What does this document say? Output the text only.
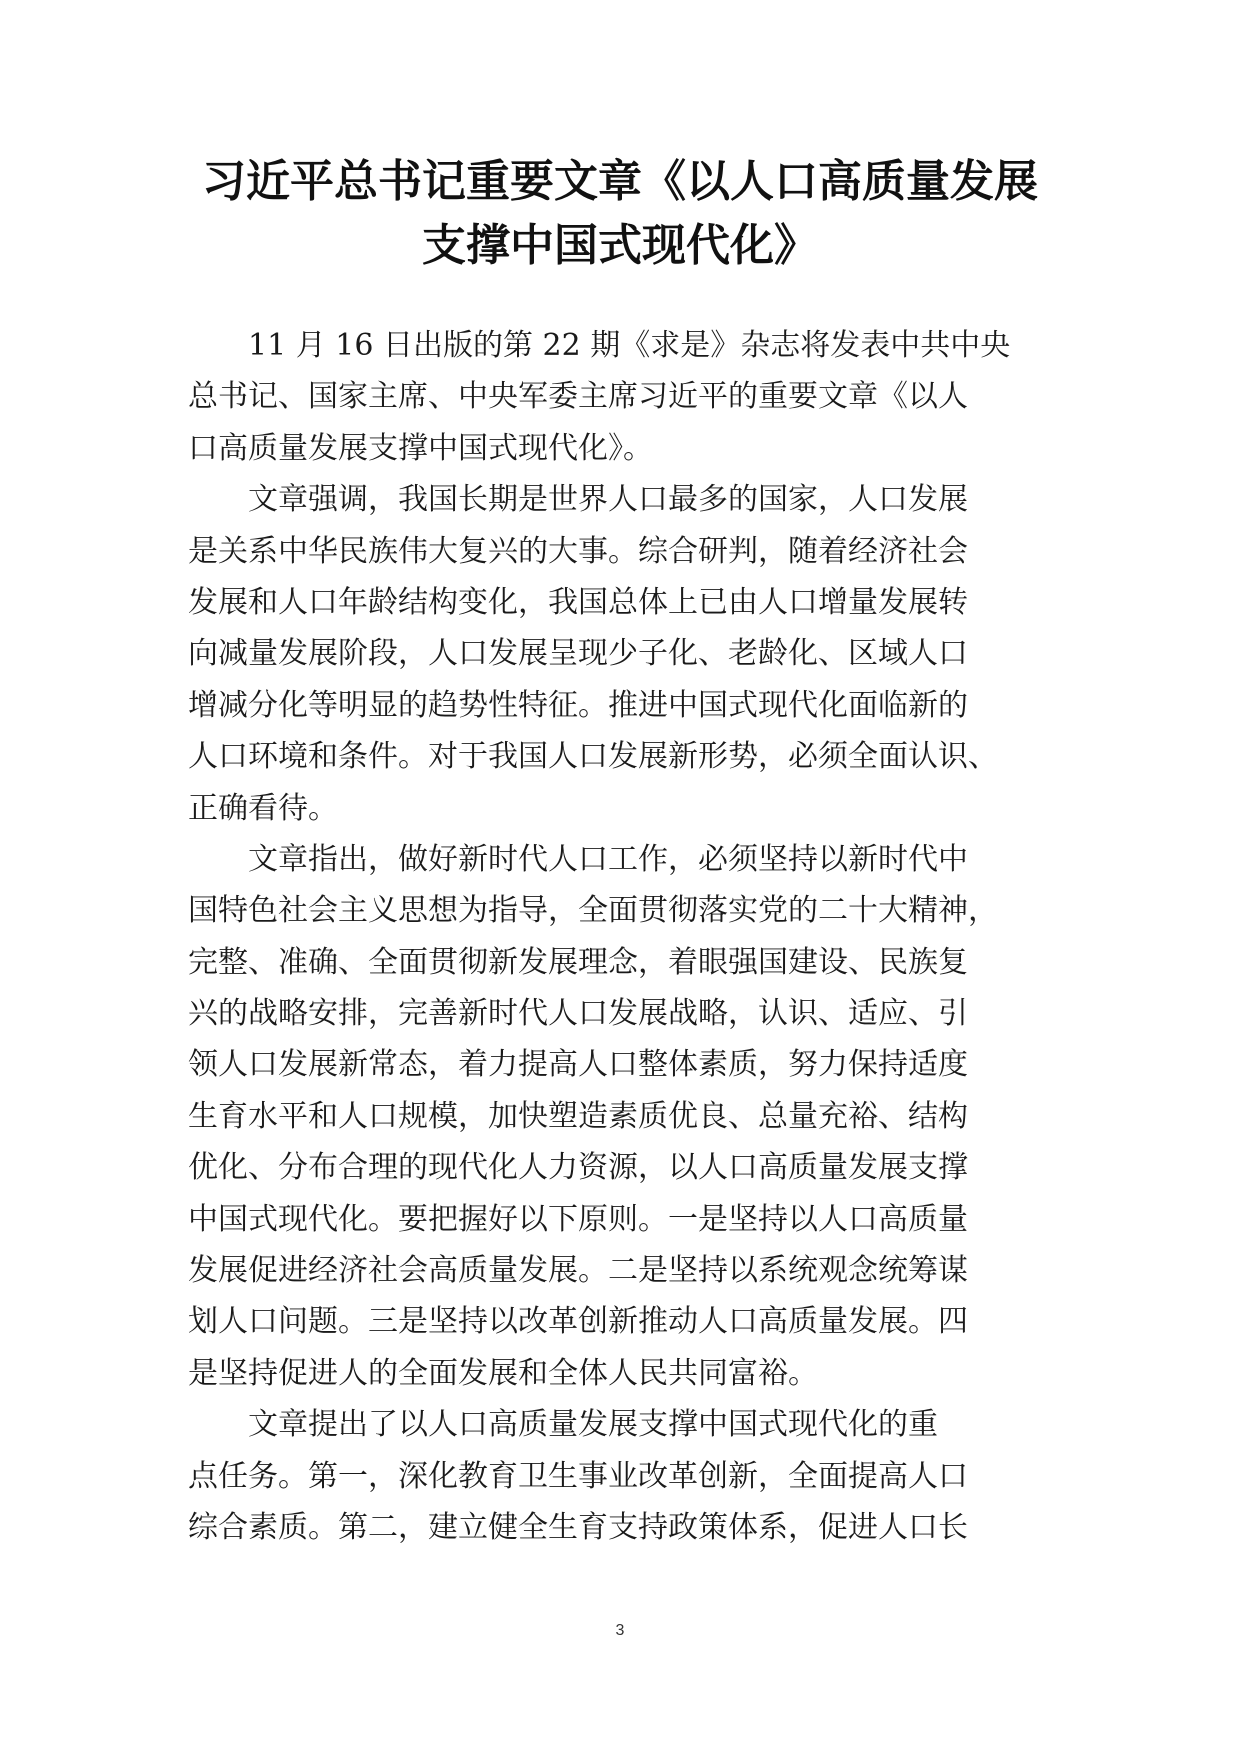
习近平总书记重要文章《以人口高质量发展
支撑中国式现代化》
11 月 16 日出版的第 22 期《求是》杂志将发表中共中央
总书记、国家主席、中央军委主席习近平的重要文章《以人
口高质量发展支撑中国式现代化》。
文章强调，我国长期是世界人口最多的国家，人口发展
是关系中华民族伟大复兴的大事。综合研判，随着经济社会
发展和人口年龄结构变化，我国总体上已由人口增量发展转
向减量发展阶段，人口发展呈现少子化、老龄化、区域人口
增减分化等明显的趋势性特征。推进中国式现代化面临新的
人口环境和条件。对于我国人口发展新形势，必须全面认识、
正确看待。
文章指出，做好新时代人口工作，必须坚持以新时代中
国特色社会主义思想为指导，全面贯彻落实党的二十大精神，
完整、准确、全面贯彻新发展理念，着眼强国建设、民族复
兴的战略安排，完善新时代人口发展战略，认识、适应、引
领人口发展新常态，着力提高人口整体素质，努力保持适度
生育水平和人口规模，加快塑造素质优良、总量充裕、结构
优化、分布合理的现代化人力资源，以人口高质量发展支撑
中国式现代化。要把握好以下原则。一是坚持以人口高质量
发展促进经济社会高质量发展。二是坚持以系统观念统筹谋
划人口问题。三是坚持以改革创新推动人口高质量发展。四
是坚持促进人的全面发展和全体人民共同富裕。
文章提出了以人口高质量发展支撑中国式现代化的重
点任务。第一，深化教育卫生事业改革创新，全面提高人口
综合素质。第二，建立健全生育支持政策体系，促进人口长
3
